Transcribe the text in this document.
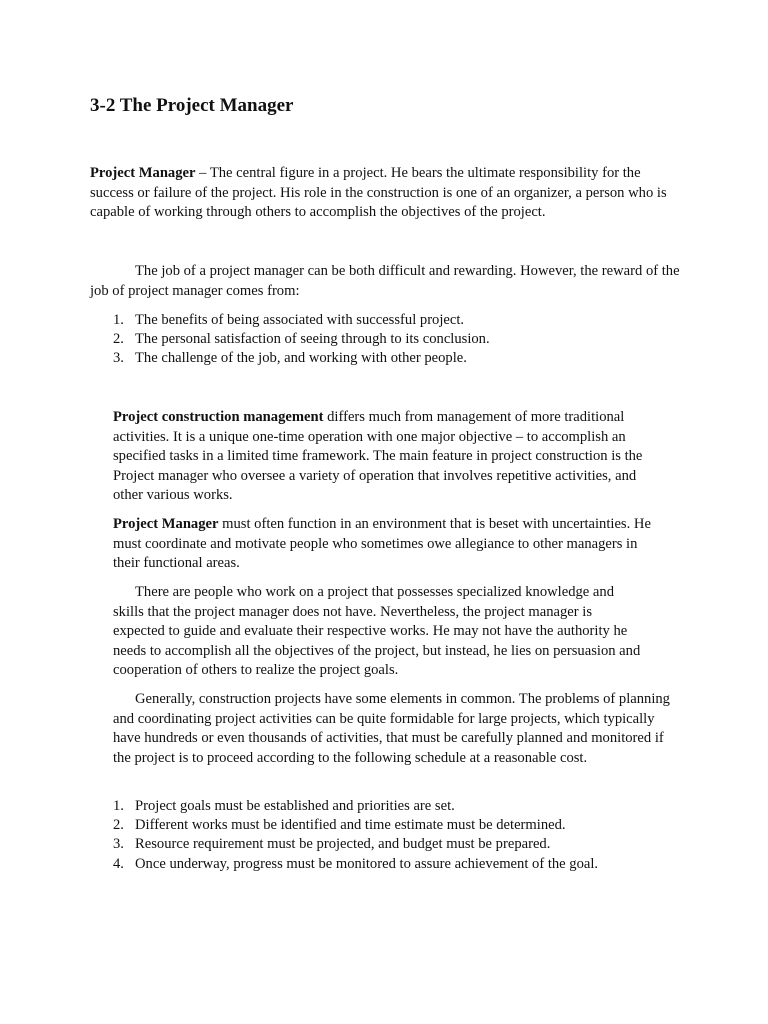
3-2 The Project Manager

Project Manager – The central figure in a project. He bears the ultimate responsibility for the success or failure of the project. His role in the construction is one of an organizer, a person who is capable of working through others to accomplish the objectives of the project.

The job of a project manager can be both difficult and rewarding. However, the reward of the job of project manager comes from:

1. The benefits of being associated with successful project.
2. The personal satisfaction of seeing through to its conclusion.
3. The challenge of the job, and working with other people.

Project construction management differs much from management of more traditional activities. It is a unique one-time operation with one major objective – to accomplish an specified tasks in a limited time framework. The main feature in project construction is the Project manager who oversee a variety of operation that involves repetitive activities, and other various works.

Project Manager must often function in an environment that is beset with uncertainties. He must coordinate and motivate people who sometimes owe allegiance to other managers in their functional areas.

There are people who work on a project that possesses specialized knowledge and skills that the project manager does not have. Nevertheless, the project manager is expected to guide and evaluate their respective works. He may not have the authority he needs to accomplish all the objectives of the project, but instead, he lies on persuasion and cooperation of others to realize the project goals.

Generally, construction projects have some elements in common. The problems of planning and coordinating project activities can be quite formidable for large projects, which typically have hundreds or even thousands of activities, that must be carefully planned and monitored if the project is to proceed according to the following schedule at a reasonable cost.

1. Project goals must be established and priorities are set.
2. Different works must be identified and time estimate must be determined.
3. Resource requirement must be projected, and budget must be prepared.
4. Once underway, progress must be monitored to assure achievement of the goal.
